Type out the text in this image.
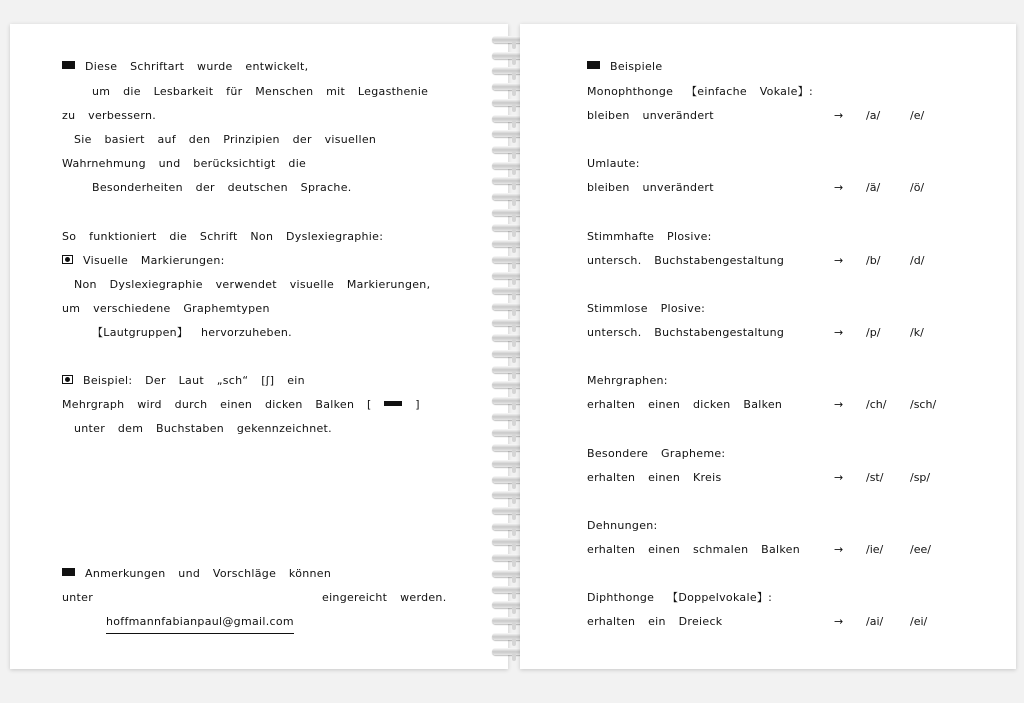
Diese Schriftart wurde entwickelt,
um die Lesbarkeit für Menschen mit Legasthenie
zu verbessern.
Sie basiert auf den Prinzipien der visuellen
Wahrnehmung und berücksichtigt die
Besonderheiten der deutschen Sprache.
So funktioniert die Schrift Non Dyslexiegraphie:
Visuelle Markierungen:
Non Dyslexiegraphie verwendet visuelle Markierungen,
um verschiedene Graphemtypen
【Lautgruppen】 hervorzuheben.
Beispiel: Der Laut „sch“ [ʃ] ein
Mehrgraph wird durch einen dicken Balken [	]
unter dem Buchstaben gekennzeichnet.
Anmerkungen und Vorschläge können
unter	eingereicht werden.
hoffmannfabianpaul@gmail.com
Beispiele
Monophthonge 【einfache Vokale】:
bleiben unverändert	→ /a/	/e/
Umlaute:
bleiben unverändert	→ /ä/	/ö/
Stimmhafte Plosive:
untersch. Buchstabengestaltung	→ /b/	/d/
Stimmlose Plosive:
untersch. Buchstabengestaltung	→ /p/	/k/
Mehrgraphen:
erhalten einen dicken Balken	→ /ch/ /sch/
Besondere Grapheme:
erhalten einen Kreis	→ /st/ /sp/
Dehnungen:
erhalten einen schmalen Balken	→ /ie/ /ee/
Diphthonge 【Doppelvokale】:
erhalten ein Dreieck	→ /ai/ /ei/
